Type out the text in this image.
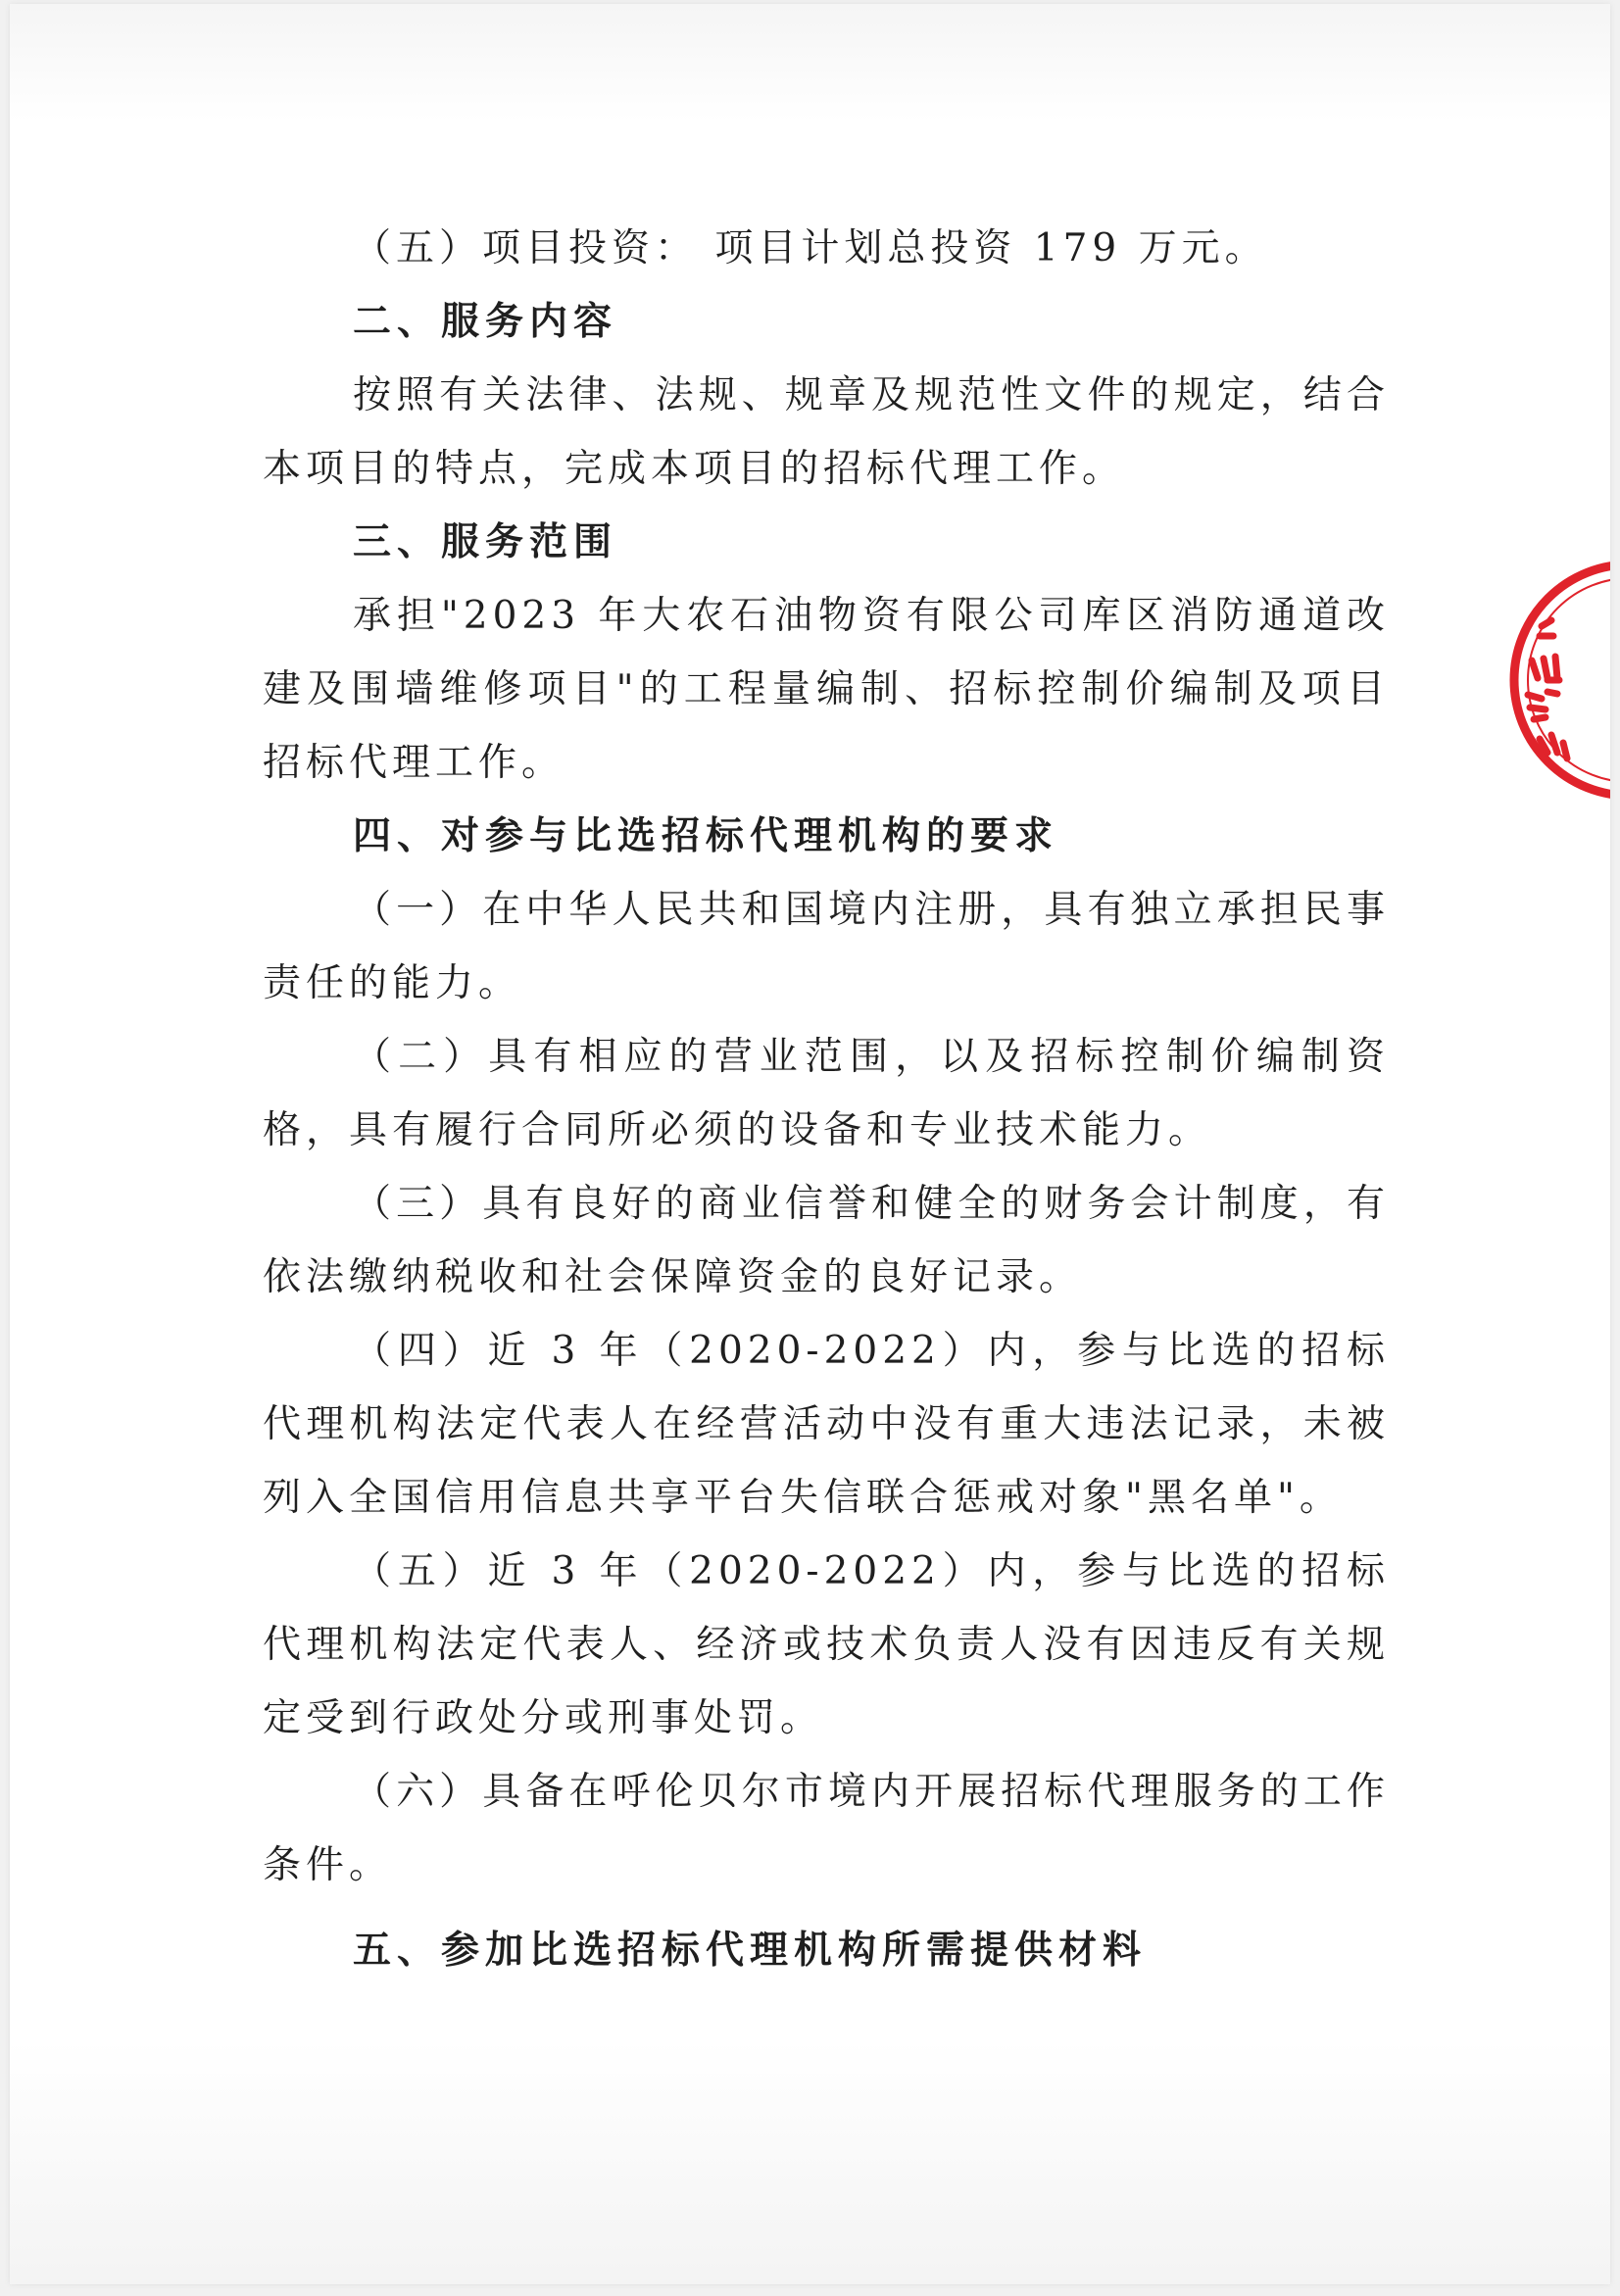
（五）项目投资： 项目计划总投资 179 万元。

二、服务内容

按照有关法律、法规、规章及规范性文件的规定，结合本项目的特点，完成本项目的招标代理工作。

三、服务范围

承担"2023 年大农石油物资有限公司库区消防通道改建及围墙维修项目"的工程量编制、招标控制价编制及项目招标代理工作。

四、对参与比选招标代理机构的要求

（一）在中华人民共和国境内注册，具有独立承担民事责任的能力。

（二）具有相应的营业范围，以及招标控制价编制资格，具有履行合同所必须的设备和专业技术能力。

（三）具有良好的商业信誉和健全的财务会计制度，有依法缴纳税收和社会保障资金的良好记录。

（四）近 3 年（2020-2022）内，参与比选的招标代理机构法定代表人在经营活动中没有重大违法记录，未被列入全国信用信息共享平台失信联合惩戒对象"黑名单"。

（五）近 3 年（2020-2022）内，参与比选的招标代理机构法定代表人、经济或技术负责人没有因违反有关规定受到行政处分或刑事处罚。

（六）具备在呼伦贝尔市境内开展招标代理服务的工作条件。

五、参加比选招标代理机构所需提供材料
